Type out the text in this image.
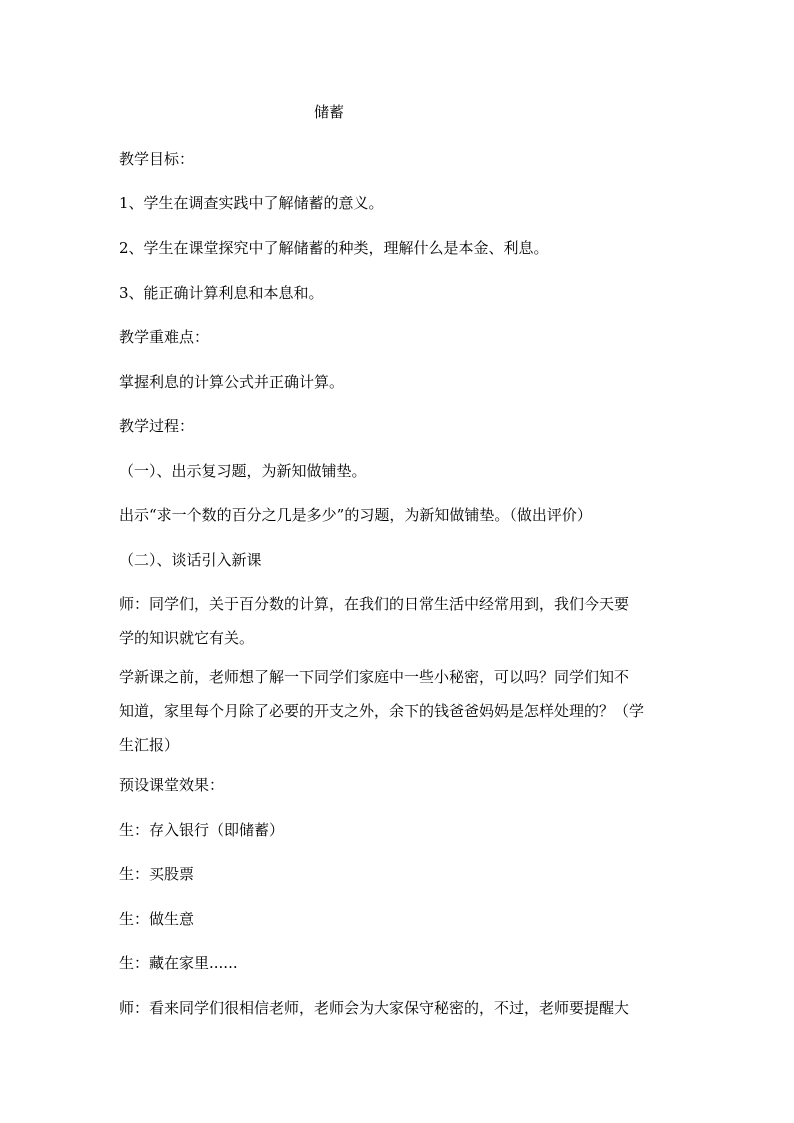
储蓄
教学目标：
1、学生在调查实践中了解储蓄的意义。
2、学生在课堂探究中了解储蓄的种类，理解什么是本金、利息。
3、能正确计算利息和本息和。
教学重难点：
掌握利息的计算公式并正确计算。
教学过程：
（一）、出示复习题，为新知做铺垫。
出示“求一个数的百分之几是多少”的习题，为新知做铺垫。（做出评价）
（二）、谈话引入新课
师：同学们，关于百分数的计算，在我们的日常生活中经常用到，我们今天要
学的知识就它有关。
学新课之前，老师想了解一下同学们家庭中一些小秘密，可以吗？同学们知不
知道，家里每个月除了必要的开支之外，余下的钱爸爸妈妈是怎样处理的？（学
生汇报）
预设课堂效果：
生：存入银行（即储蓄）
生：买股票
生：做生意
生：藏在家里......
师：看来同学们很相信老师，老师会为大家保守秘密的，不过，老师要提醒大
